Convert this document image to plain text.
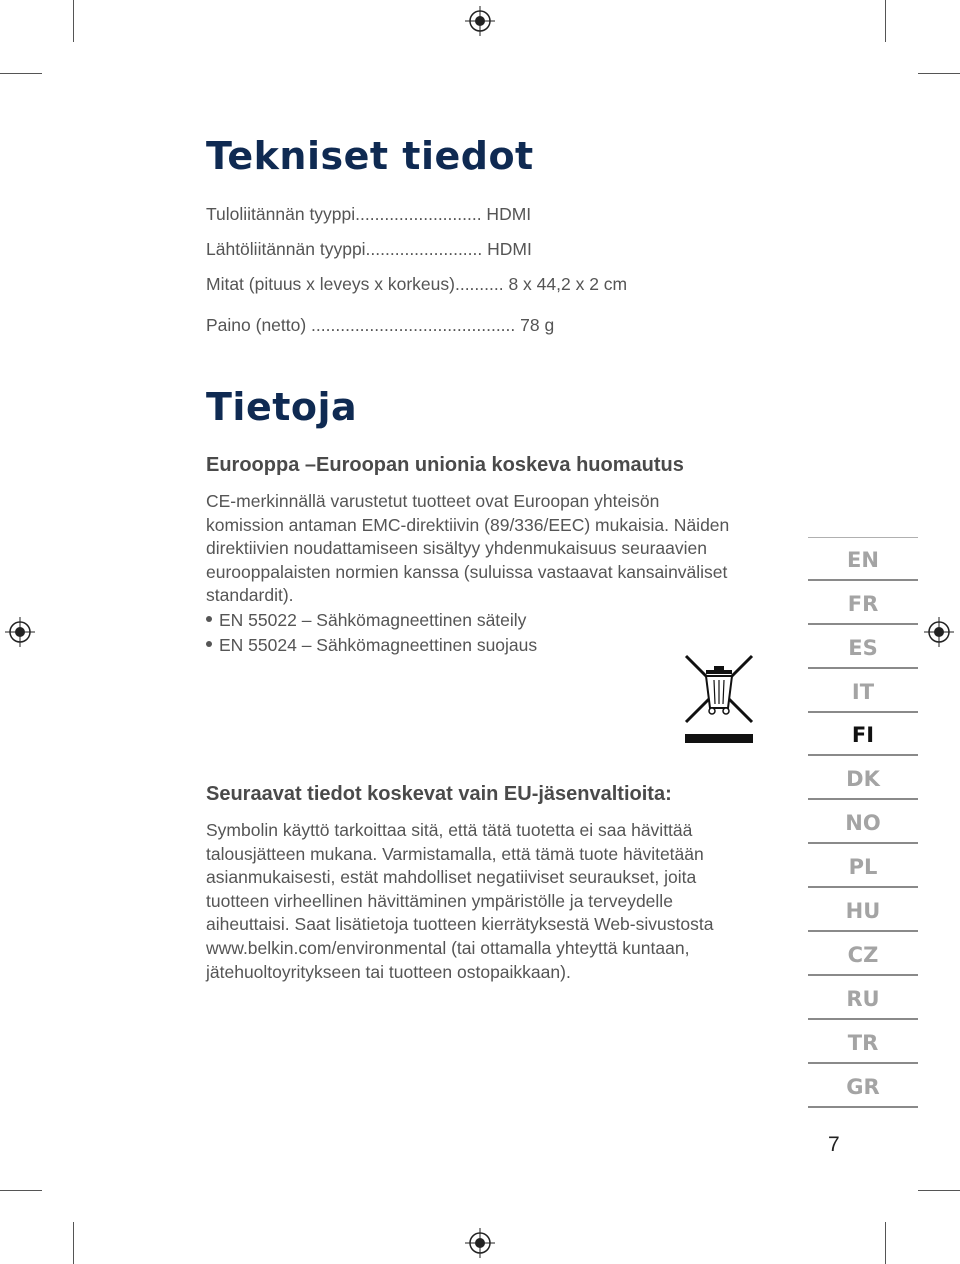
Tekniset tiedot
Tuloliitännän tyyppi.......................... HDMI
Lähtöliitännän tyyppi........................ HDMI
Mitat (pituus x leveys x korkeus).......... 8 x 44,2 x 2 cm
Paino (netto) .......................................... 78 g
Tietoja
Eurooppa –Euroopan unionia koskeva huomautus

CE-merkinnällä varustetut tuotteet ovat Euroopan yhteisön
komission antaman EMC-direktiivin (89/336/EEC) mukaisia. Näiden
direktiivien noudattamiseen sisältyy yhdenmukaisuus seuraavien
eurooppalaisten normien kanssa (suluissa vastaavat kansainväliset
standardit).

EN 55022 – Sähkömagneettinen säteily
EN 55024 – Sähkömagneettinen suojaus
Seuraavat tiedot koskevat vain EU-jäsenvaltioita:

Symbolin käyttö tarkoittaa sitä, että tätä tuotetta ei saa hävittää
talousjätteen mukana. Varmistamalla, että tämä tuote hävitetään
asianmukaisesti, estät mahdolliset negatiiviset seuraukset, joita
tuotteen virheellinen hävittäminen ympäristölle ja terveydelle
aiheuttaisi. Saat lisätietoja tuotteen kierrätyksestä Web-sivustosta
www.belkin.com/environmental (tai ottamalla yhteyttä kuntaan,
jätehuoltoyritykseen tai tuotteen ostopaikkaan).

EN
FR
ES
IT
FI
DK
NO
PL
HU
CZ
RU
TR
GR
7
